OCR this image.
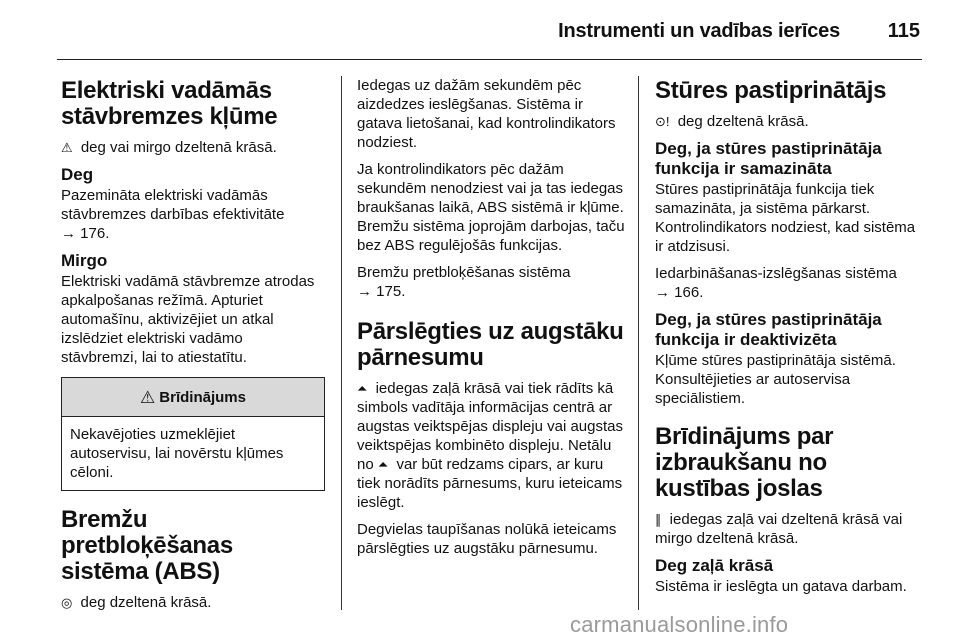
Instrumenti un vadības ierīces 115
Elektriski vadāmās stāvbremzes kļūme

⚠ deg vai mirgo dzeltenā krāsā.

Deg

Pazemināta elektriski vadāmās stāvbremzes darbības efektivitāte
→ 176.

Mirgo

Elektriski vadāmā stāvbremze atrodas apkalpošanas režīmā. Apturiet automašīnu, aktivizējiet un atkal izslēdziet elektriski vadāmo stāvbremzi, lai to atiestatītu.

⚠ Brīdinājums
Nekavējoties uzmeklējiet autoservisu, lai novērstu kļūmes cēloni.
Bremžu pretbloķēšanas sistēma (ABS)

◎ deg dzeltenā krāsā.

Iedegas uz dažām sekundēm pēc aizdedzes ieslēgšanas. Sistēma ir gatava lietošanai, kad kontrolindikators nodziest.

Ja kontrolindikators pēc dažām sekundēm nenodziest vai ja tas iedegas braukšanas laikā, ABS sistēmā ir kļūme. Bremžu sistēma joprojām darbojas, taču bez ABS regulējošās funkcijas.

Bremžu pretbloķēšanas sistēma
→ 175.

Pārslēgties uz augstāku pārnesumu

⏶ iedegas zaļā krāsā vai tiek rādīts kā simbols vadītāja informācijas centrā ar augstas veiktspējas displeju vai augstas veiktspējas kombinēto displeju. Netālu no ⏶ var būt redzams cipars, ar kuru tiek norādīts pārnesums, kuru ieteicams ieslēgt.

Degvielas taupīšanas nolūkā ieteicams pārslēgties uz augstāku pārnesumu.

Stūres pastiprinātājs

⊙! deg dzeltenā krāsā.

Deg, ja stūres pastiprinātāja funkcija ir samazināta

Stūres pastiprinātāja funkcija tiek samazināta, ja sistēma pārkarst. Kontrolindikators nodziest, kad sistēma ir atdzisusi.

Iedarbināšanas-izslēgšanas sistēma
→ 166.

Deg, ja stūres pastiprinātāja funkcija ir deaktivizēta

Kļūme stūres pastiprinātāja sistēmā. Konsultējieties ar autoservisa speciālistiem.

Brīdinājums par izbraukšanu no kustības joslas

∥ iedegas zaļā vai dzeltenā krāsā vai mirgo dzeltenā krāsā.

Deg zaļā krāsā

Sistēma ir ieslēgta un gatava darbam.

carmanualsonline.info
